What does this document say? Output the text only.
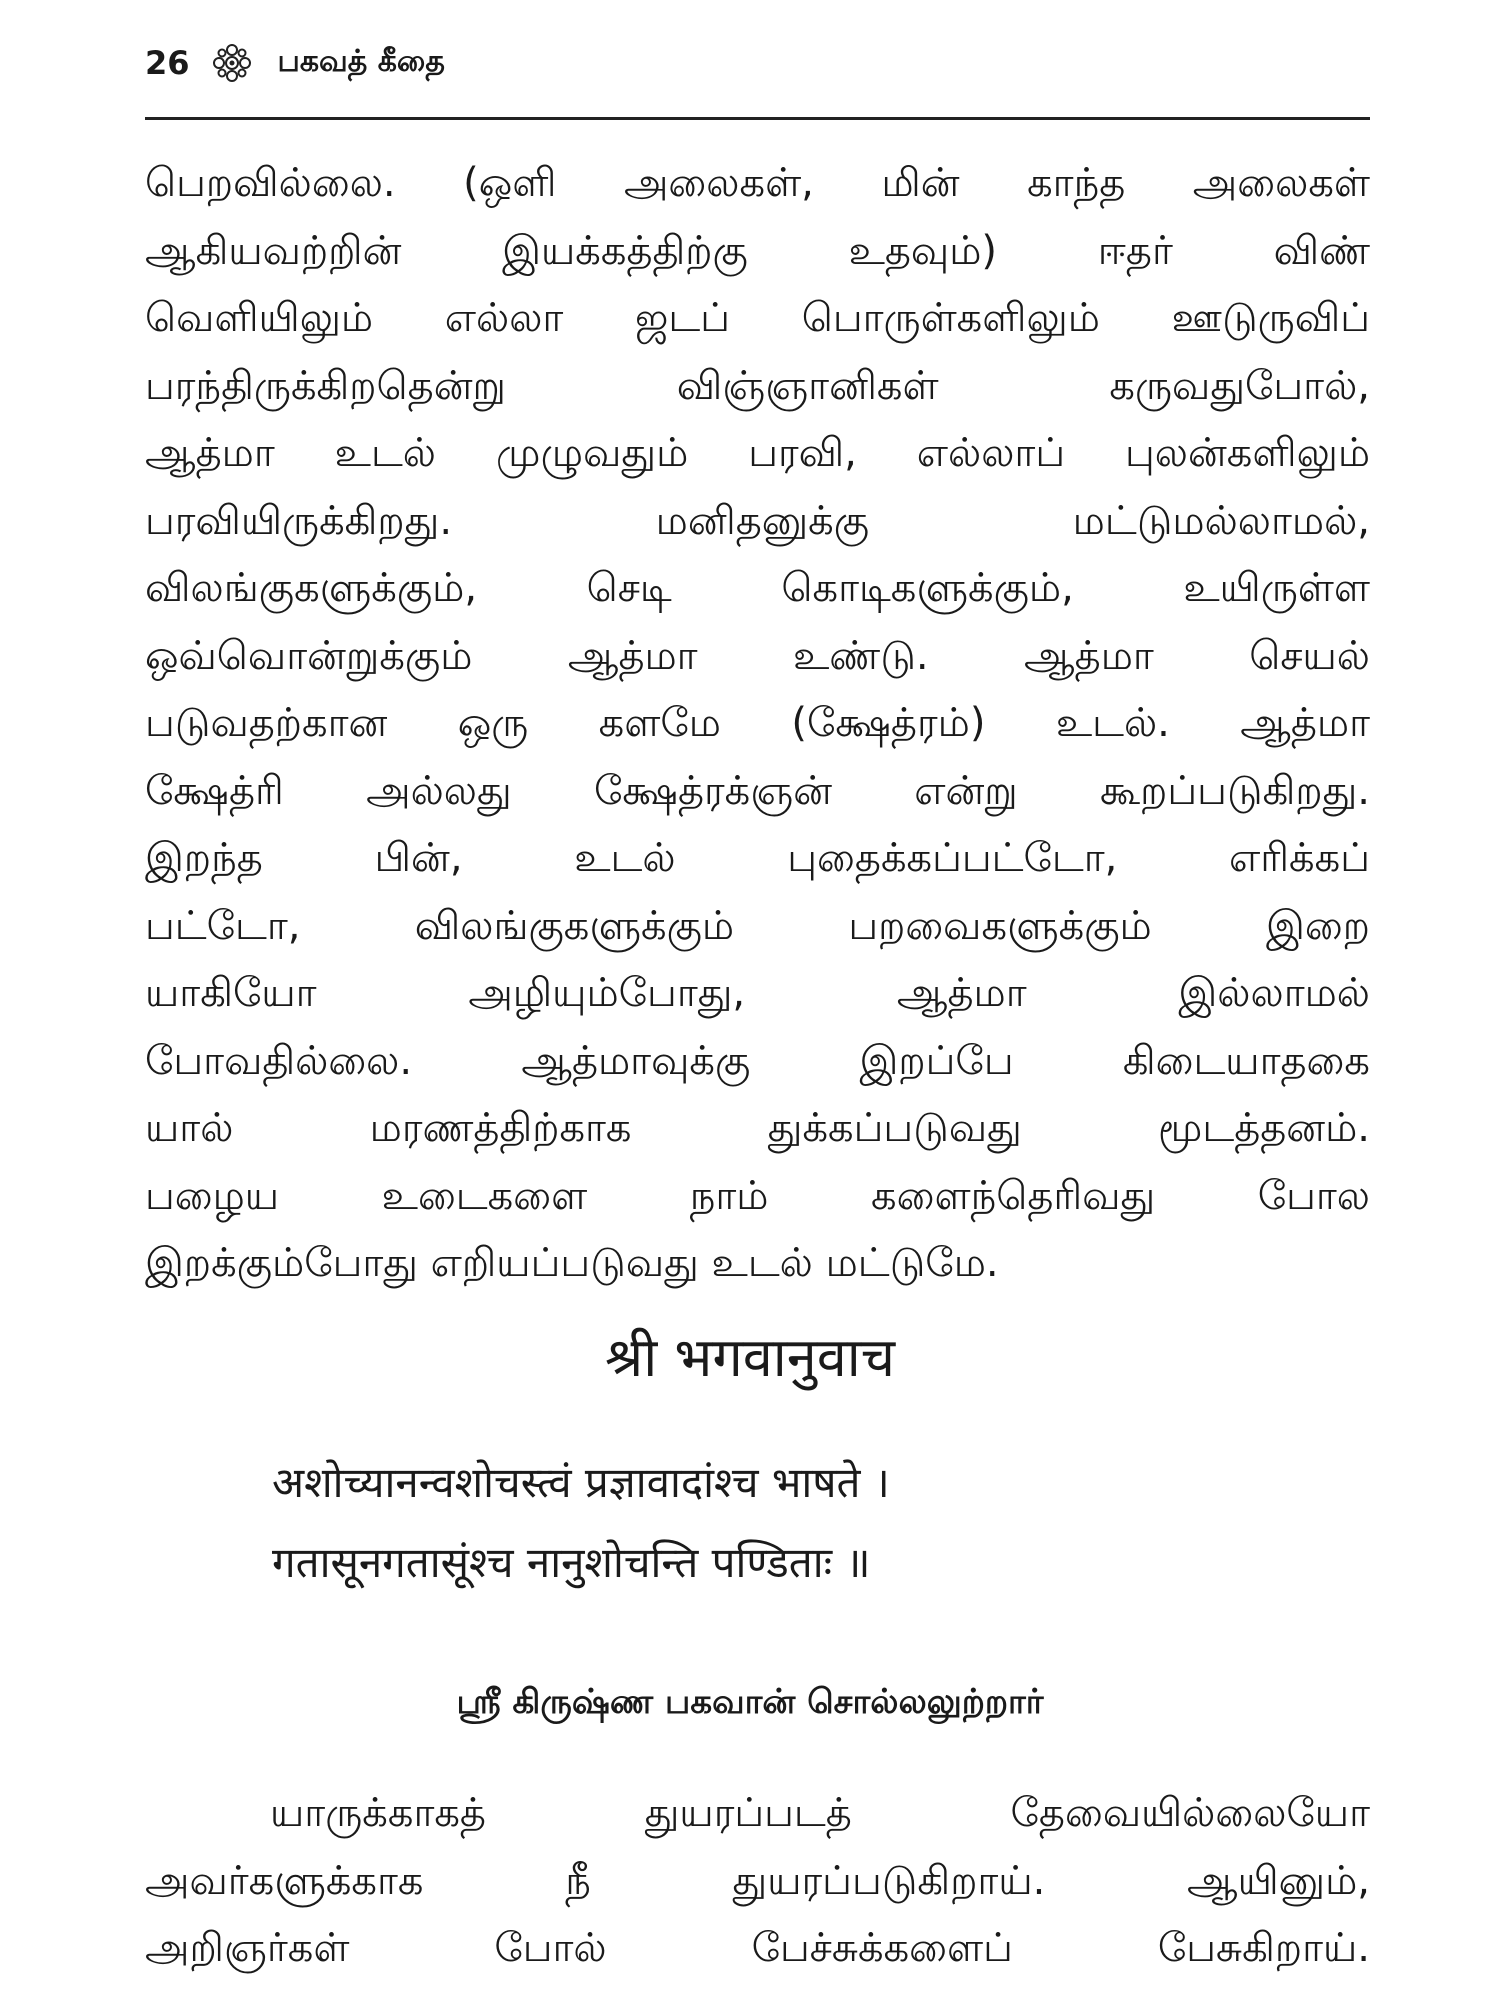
26	பகவத் கீதை
பெறவில்லை. (ஒளி அலைகள், மின் காந்த அலைகள்
ஆகியவற்றின் இயக்கத்திற்கு உதவும்) ஈதர் விண்
வெளியிலும் எல்லா ஜடப் பொருள்களிலும் ஊடுருவிப்
பரந்திருக்கிறதென்று விஞ்ஞானிகள் கருவதுபோல்,
ஆத்மா உடல் முழுவதும் பரவி, எல்லாப் புலன்களிலும்
பரவியிருக்கிறது. மனிதனுக்கு மட்டுமல்லாமல்,
விலங்குகளுக்கும், செடி கொடிகளுக்கும், உயிருள்ள
ஒவ்வொன்றுக்கும் ஆத்மா உண்டு. ஆத்மா செயல்
படுவதற்கான ஒரு களமே (க்ஷேத்ரம்) உடல். ஆத்மா
க்ஷேத்ரி அல்லது க்ஷேத்ரக்ஞன் என்று கூறப்படுகிறது.
இறந்த பின், உடல் புதைக்கப்பட்டோ, எரிக்கப்
பட்டோ, விலங்குகளுக்கும் பறவைகளுக்கும் இறை
யாகியோ அழியும்போது, ஆத்மா இல்லாமல்
போவதில்லை. ஆத்மாவுக்கு இறப்பே கிடையாதகை
யால் மரணத்திற்காக துக்கப்படுவது மூடத்தனம்.
பழைய உடைகளை நாம் களைந்தெரிவது போல
இறக்கும்போது எறியப்படுவது உடல் மட்டுமே.
श्री भगवानुवाच
अशोच्यानन्वशोचस्त्वं प्रज्ञावादांश्च भाषते ।
गतासूनगतासूंश्च नानुशोचन्ति पण्डिताः ॥
ஸ்ரீ கிருஷ்ண பகவான் சொல்லலுற்றார்
யாருக்காகத் துயரப்படத் தேவையில்லையோ
அவர்களுக்காக நீ துயரப்படுகிறாய். ஆயினும்,
அறிஞர்கள் போல் பேச்சுக்களைப் பேசுகிறாய்.
